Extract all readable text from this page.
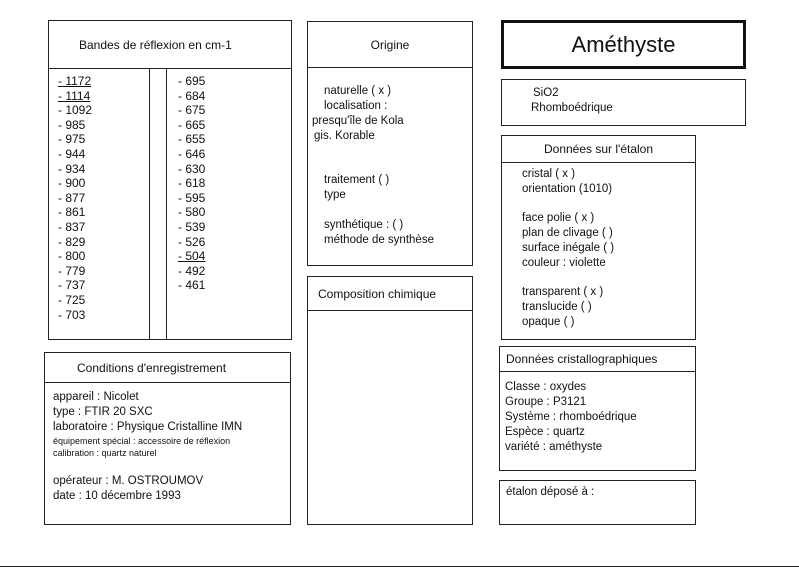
Bandes de réflexion en cm-1
- 1172
- 1114
- 1092
- 985
- 975
- 944
- 934
- 900
- 877
- 861
- 837
- 829
- 800
- 779
- 737
- 725
- 703
- 695
- 684
- 675
- 665
- 655
- 646
- 630
- 618
- 595
- 580
- 539
- 526
- 504
- 492
- 461
Origine
naturelle ( x )
localisation :
presqu'île de Kola
gis. Korable
traitement ( )
type
synthétique : ( )
méthode de synthèse
Composition chimique
Améthyste
SiO2
Rhomboédrique
Données sur l'étalon
cristal ( x )
orientation (1010)
face polie ( x )
plan de clivage ( )
surface inégale ( )
couleur : violette
transparent ( x )
translucide ( )
opaque ( )
Données cristallographiques
Classe : oxydes
Groupe : P3121
Système : rhomboédrique
Espèce : quartz
variété : améthyste
étalon déposé à :
Conditions d'enregistrement
appareil : Nicolet
type : FTIR 20 SXC
laboratoire : Physique Cristalline IMN
équipement spécial : accessoire de réflexion
calibration : quartz naturel
opérateur : M. OSTROUMOV
date : 10 décembre 1993
